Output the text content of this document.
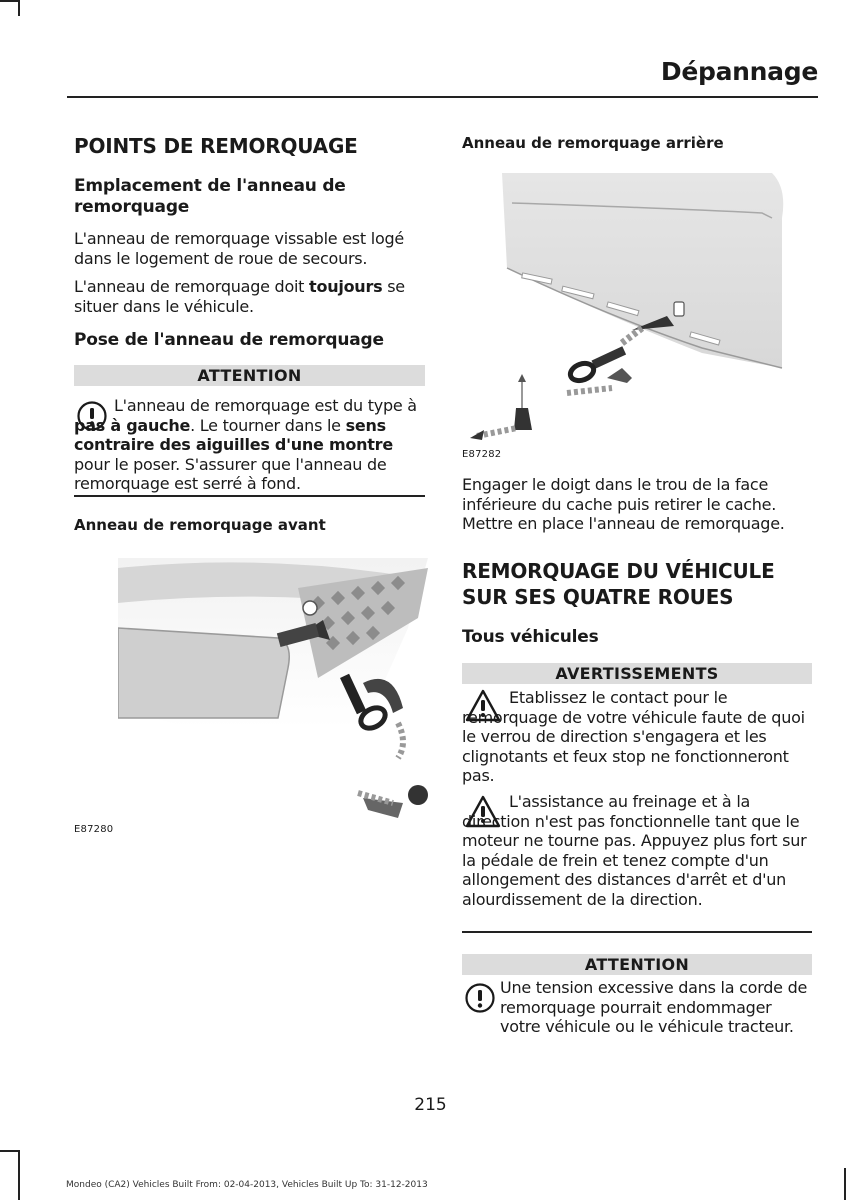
Dépannage
POINTS DE REMORQUAGE
Emplacement de l'anneau de remorquage
L'anneau de remorquage vissable est logé dans le logement de roue de secours.
L'anneau de remorquage doit toujours se situer dans le véhicule.
Pose de l'anneau de remorquage
ATTENTION
L'anneau de remorquage est du type à pas à gauche. Le tourner dans le sens contraire des aiguilles d'une montre pour le poser. S'assurer que l'anneau de remorquage est serré à fond.
Anneau de remorquage avant
E87280
Anneau de remorquage arrière
E87282
Engager le doigt dans le trou de la face inférieure du cache puis retirer le cache. Mettre en place l'anneau de remorquage.
REMORQUAGE DU VÉHICULE SUR SES QUATRE ROUES
Tous véhicules
AVERTISSEMENTS
Etablissez le contact pour le remorquage de votre véhicule faute de quoi le verrou de direction s'engagera et les clignotants et feux stop ne fonctionneront pas.
L'assistance au freinage et à la direction n'est pas fonctionnelle tant que le moteur ne tourne pas. Appuyez plus fort sur la pédale de frein et tenez compte d'un allongement des distances d'arrêt et d'un alourdissement de la direction.
ATTENTION
Une tension excessive dans la corde de remorquage pourrait endommager votre véhicule ou le véhicule tracteur.
215
Mondeo (CA2) Vehicles Built From: 02-04-2013, Vehicles Built Up To: 31-12-2013
